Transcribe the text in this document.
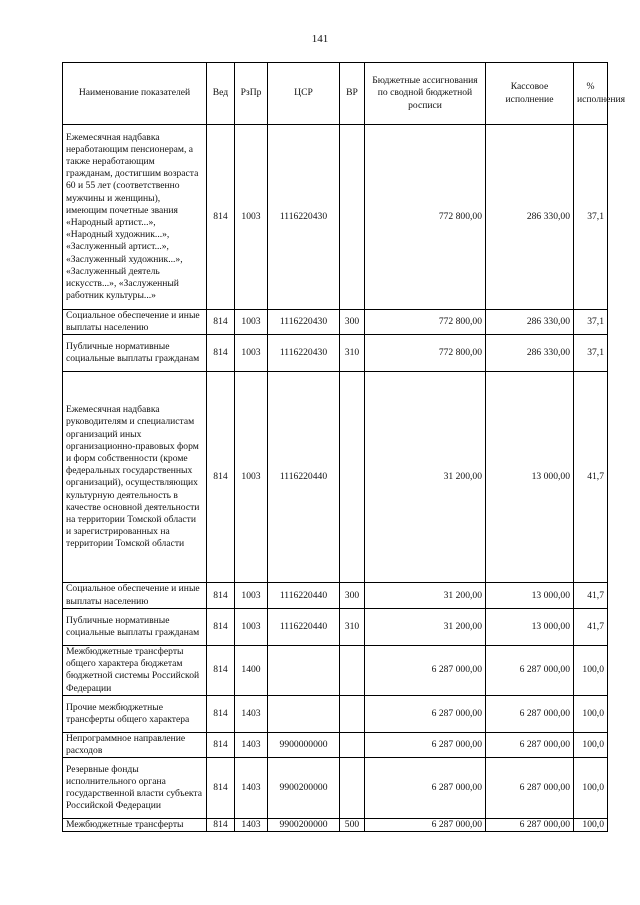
141
Наименование показателей	Вед	РзПр	ЦСР	ВР	Бюджетные ассигнования по сводной бюджетной росписи	Кассовое исполнение	% исполнения
Ежемесячная надбавка неработающим пенсионерам, а также неработающим гражданам, достигшим возраста 60 и 55 лет (соответственно мужчины и женщины), имеющим почетные звания «Народный артист...», «Народный художник...», «Заслуженный артист...», «Заслуженный художник...», «Заслуженный деятель искусств...», «Заслуженный работник культуры...»	814	1003	1116220430		772 800,00	286 330,00	37,1
Социальное обеспечение и иные выплаты населению	814	1003	1116220430	300	772 800,00	286 330,00	37,1
Публичные нормативные социальные выплаты гражданам	814	1003	1116220430	310	772 800,00	286 330,00	37,1
Ежемесячная надбавка руководителям и специалистам организаций иных организационно-правовых форм и форм собственности (кроме федеральных государственных организаций), осуществляющих культурную деятельность в качестве основной деятельности на территории Томской области и зарегистрированных на территории Томской области	814	1003	1116220440		31 200,00	13 000,00	41,7
Социальное обеспечение и иные выплаты населению	814	1003	1116220440	300	31 200,00	13 000,00	41,7
Публичные нормативные социальные выплаты гражданам	814	1003	1116220440	310	31 200,00	13 000,00	41,7
Межбюджетные трансферты общего характера бюджетам бюджетной системы Российской Федерации	814	1400			6 287 000,00	6 287 000,00	100,0
Прочие межбюджетные трансферты общего характера	814	1403			6 287 000,00	6 287 000,00	100,0
Непрограммное направление расходов	814	1403	9900000000		6 287 000,00	6 287 000,00	100,0
Резервные фонды исполнительного органа государственной власти субъекта Российской Федерации	814	1403	9900200000		6 287 000,00	6 287 000,00	100,0
Межбюджетные трансферты	814	1403	9900200000	500	6 287 000,00	6 287 000,00	100,0
